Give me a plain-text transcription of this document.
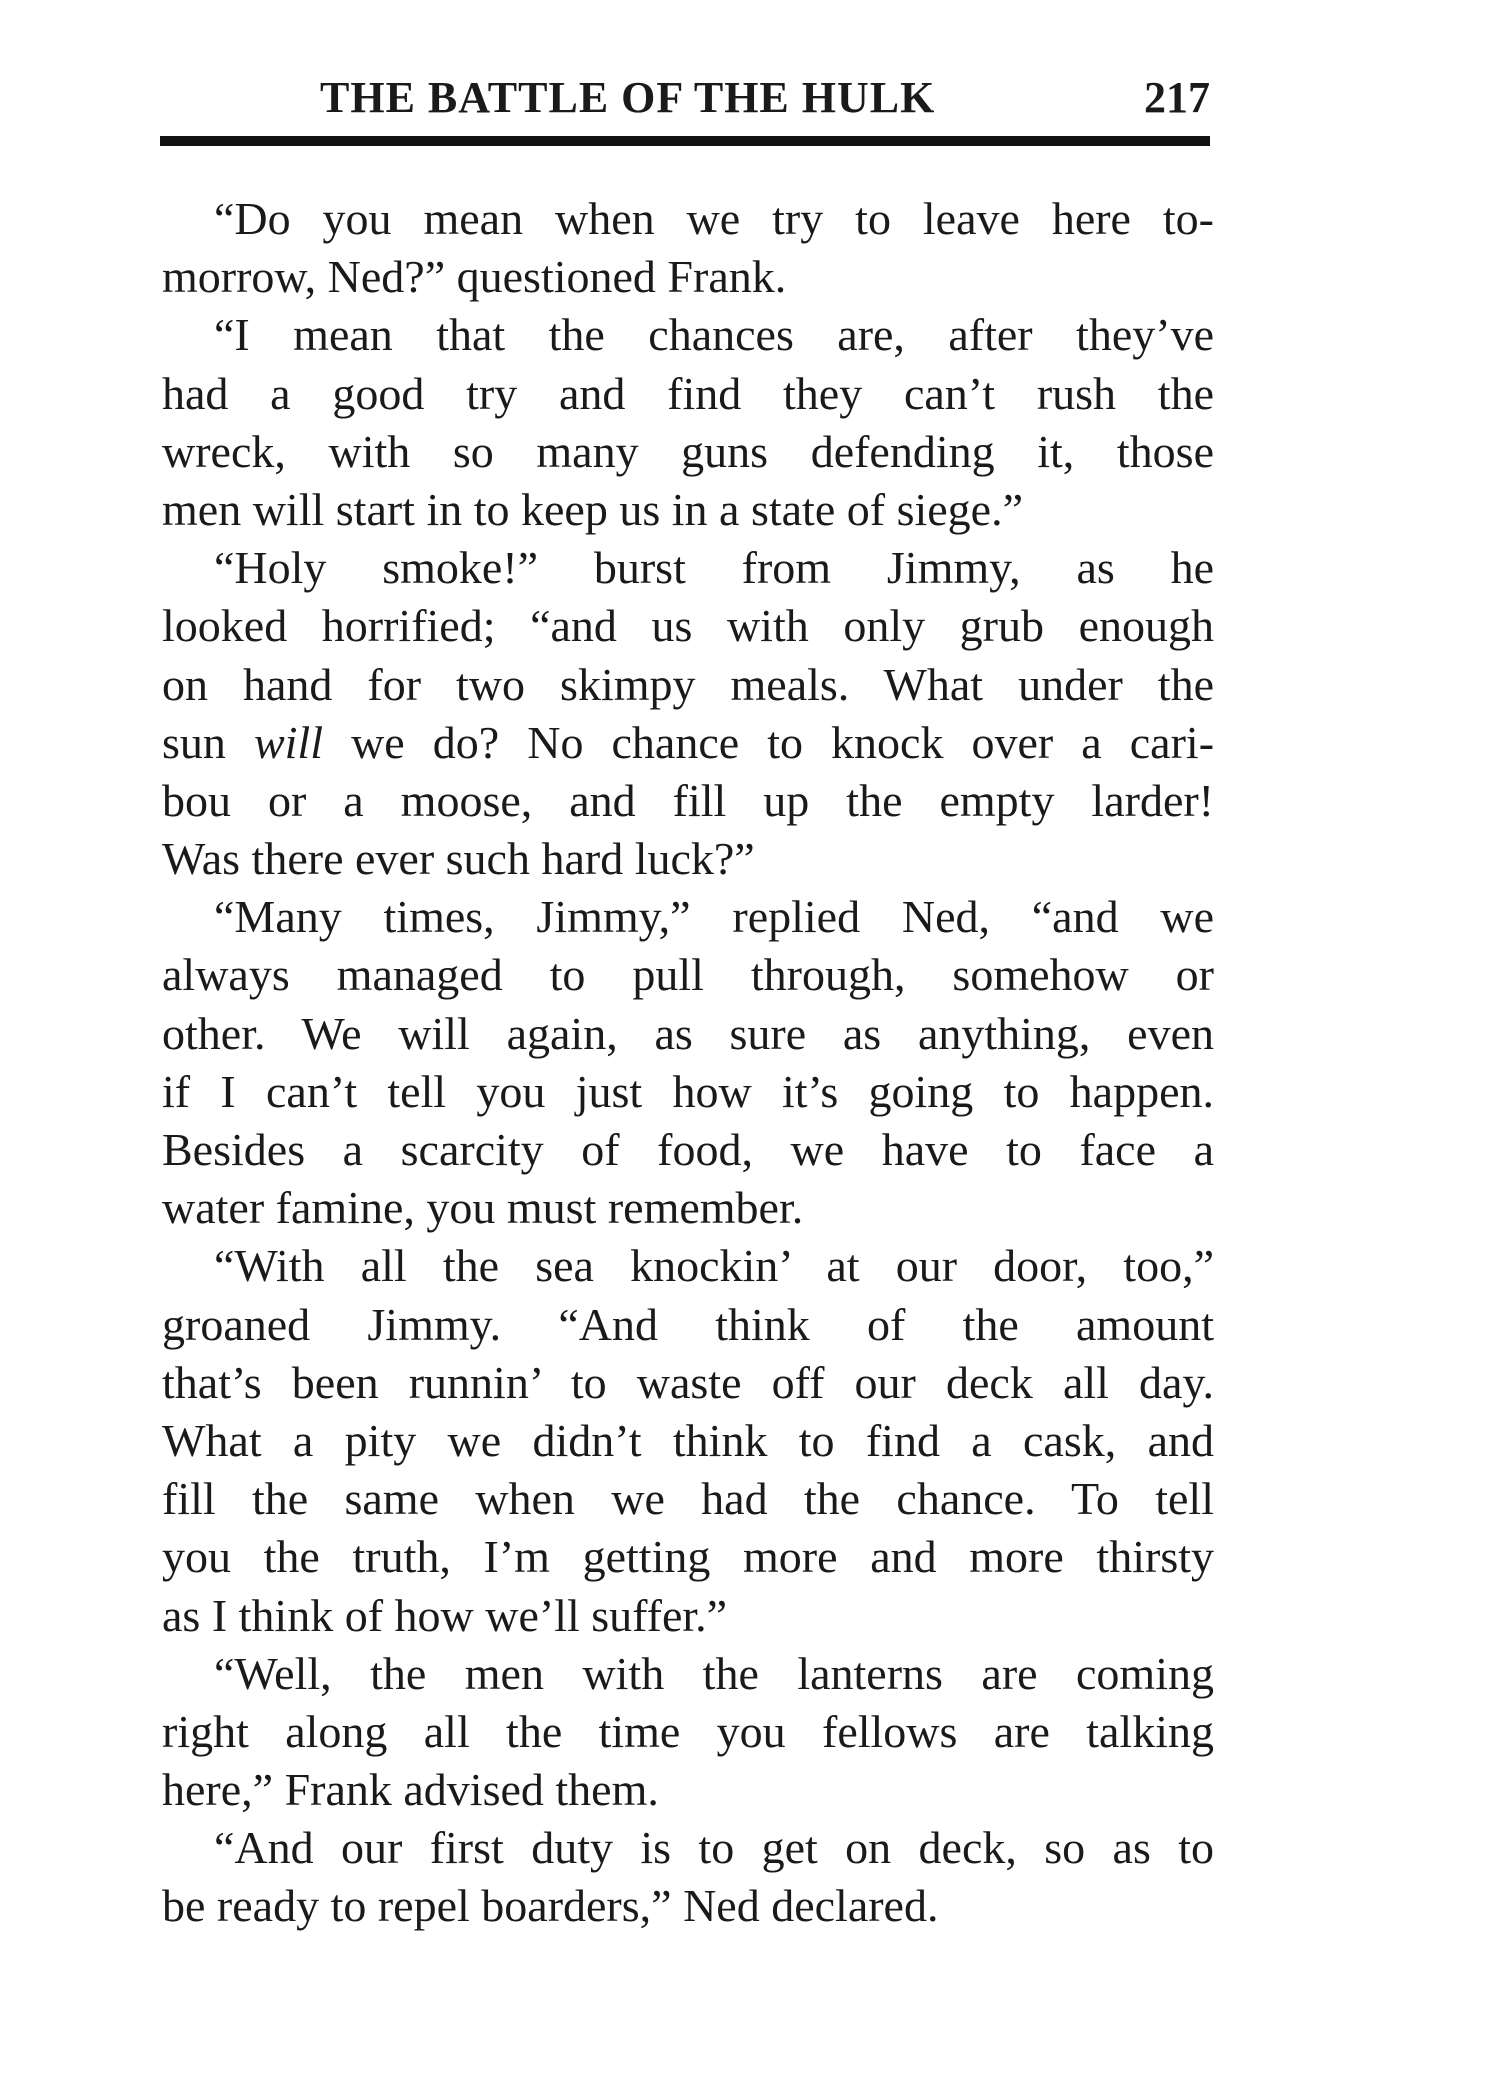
THE BATTLE OF THE HULK	217
“Do you mean when we try to leave here to-
morrow, Ned?” questioned Frank.
“I mean that the chances are, after they’ve
had a good try and find they can’t rush the
wreck, with so many guns defending it, those
men will start in to keep us in a state of siege.”
“Holy smoke!” burst from Jimmy, as he
looked horrified; “and us with only grub enough
on hand for two skimpy meals. What under the
sun will we do? No chance to knock over a cari-
bou or a moose, and fill up the empty larder!
Was there ever such hard luck?”
“Many times, Jimmy,” replied Ned, “and we
always managed to pull through, somehow or
other. We will again, as sure as anything, even
if I can’t tell you just how it’s going to happen.
Besides a scarcity of food, we have to face a
water famine, you must remember.
“With all the sea knockin’ at our door, too,”
groaned Jimmy. “And think of the amount
that’s been runnin’ to waste off our deck all day.
What a pity we didn’t think to find a cask, and
fill the same when we had the chance. To tell
you the truth, I’m getting more and more thirsty
as I think of how we’ll suffer.”
“Well, the men with the lanterns are coming
right along all the time you fellows are talking
here,” Frank advised them.
“And our first duty is to get on deck, so as to
be ready to repel boarders,” Ned declared.
